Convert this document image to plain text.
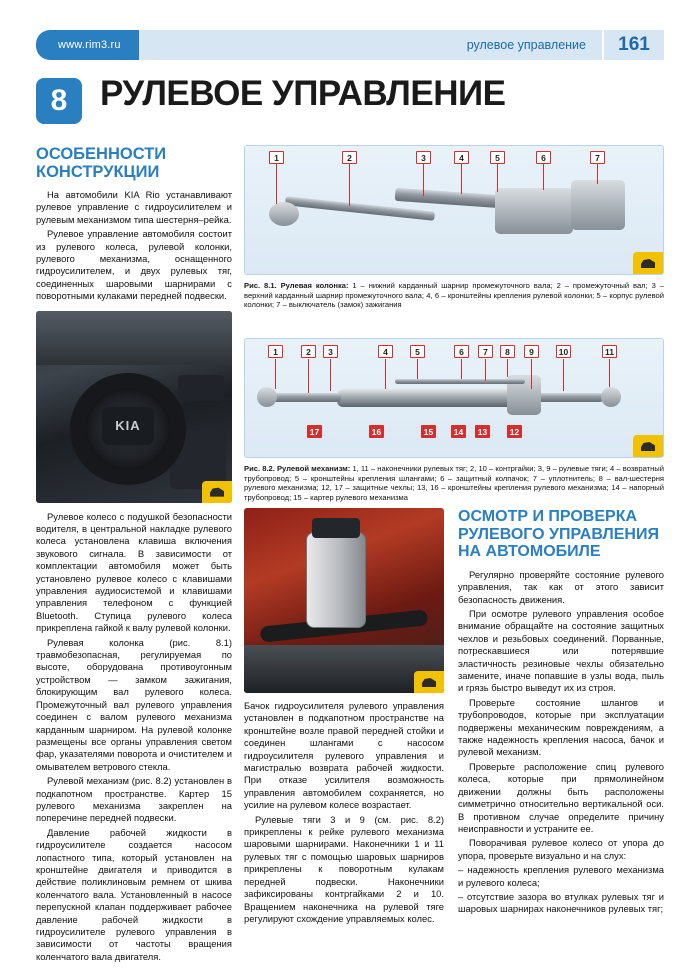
www.rim3.ru	рулевое управление	161
8 РУЛЕВОЕ УПРАВЛЕНИЕ
ОСОБЕННОСТИ КОНСТРУКЦИИ

На автомобили KIA Rio устанавливают рулевое управление с гидроусилителем и рулевым механизмом типа шестерня–рейка.

Рулевое управление автомобиля состоит из рулевого колеса, рулевой колонки, рулевого механизма, оснащенного гидроусилителем, и двух рулевых тяг, соединенных шаровыми шарнирами с поворотными кулаками передней подвески.

KIA

Рулевое колесо с подушкой безопасности водителя, в центральной накладке рулевого колеса установлена клавиша включения звукового сигнала. В зависимости от комплектации автомобиля может быть установлено рулевое колесо с клавишами управления аудиосистемой и клавишами управления телефоном с функцией Bluetooth. Ступица рулевого колеса прикреплена гайкой к валу рулевой колонки.

Рулевая колонка (рис. 8.1) травмобезопасная, регулируемая по высоте, оборудована противоугонным устройством — замком зажигания, блокирующим вал рулевого колеса. Промежуточный вал рулевого управления соединен с валом рулевого механизма карданным шарниром. На рулевой колонке размещены все органы управления светом фар, указателями поворота и очистителем и омывателем ветрового стекла.

Рулевой механизм (рис. 8.2) установлен в подкапотном пространстве. Картер 15 рулевого механизма закреплен на поперечине передней подвески.

Давление рабочей жидкости в гидроусилителе создается насосом лопастного типа, который установлен на кронштейне двигателя и приводится в действие поликлиновым ремнем от шкива коленчатого вала. Установленный в насосе перепускной клапан поддерживает рабочее давление рабочей жидкости в гидроусилителе рулевого управления в зависимости от частоты вращения коленчатого вала двигателя.

1	2	3	4	5	6	7
Рис. 8.1. Рулевая колонка: 1 – нижний карданный шарнир промежуточного вала; 2 – промежуточный вал; 3 – верхний карданный шарнир промежуточного вала; 4, 6 – кронштейны крепления рулевой колонки; 5 – корпус рулевой колонки; 7 – выключатель (замок) зажигания
1	2	3	4	5	6	7	8	9	10	11
17	16	15	14	13	12
Рис. 8.2. Рулевой механизм: 1, 11 – наконечники рулевых тяг; 2, 10 – контргайки; 3, 9 – рулевые тяги; 4 – возвратный трубопровод; 5 – кронштейны крепления шлангами; 6 – защитный колпачок; 7 – уплотнитель; 8 – вал-шестерня рулевого механизма; 12, 17 – защитные чехлы; 13, 16 – кронштейны крепления рулевого механизма; 14 – напорный трубопровод; 15 – картер рулевого механизма

Бачок гидроусилителя рулевого управления установлен в подкапотном пространстве на кронштейне возле правой передней стойки и соединен шлангами с насосом гидроусилителя рулевого управления и магистралью возврата рабочей жидкости. При отказе усилителя возможность управления автомобилем сохраняется, но усилие на рулевом колесе возрастает.

Рулевые тяги 3 и 9 (см. рис. 8.2) прикреплены к рейке рулевого механизма шаровыми шарнирами. Наконечники 1 и 11 рулевых тяг с помощью шаровых шарниров прикреплены к поворотным кулакам передней подвески. Наконечники зафиксированы контргайками 2 и 10. Вращением наконечника на рулевой тяге регулируют схождение управляемых колес.

ОСМОТР И ПРОВЕРКА РУЛЕВОГО УПРАВЛЕНИЯ НА АВТОМОБИЛЕ

Регулярно проверяйте состояние рулевого управления, так как от этого зависит безопасность движения.

При осмотре рулевого управления особое внимание обращайте на состояние защитных чехлов и резьбовых соединений. Порванные, потрескавшиеся или потерявшие эластичность резиновые чехлы обязательно замените, иначе попавшие в узлы вода, пыль и грязь быстро выведут их из строя.

Проверьте состояние шлангов и трубопроводов, которые при эксплуатации подвержены механическим повреждениям, а также надежность крепления насоса, бачок и рулевой механизм.

Проверьте расположение спиц рулевого колеса, которые при прямолинейном движении должны быть расположены симметрично относительно вертикальной оси. В противном случае определите причину неисправности и устраните ее.

Поворачивая рулевое колесо от упора до упора, проверьте визуально и на слух:

– надежность крепления рулевого механизма и рулевого колеса;

– отсутствие зазора во втулках рулевых тяг и шаровых шарнирах наконечников рулевых тяг;
